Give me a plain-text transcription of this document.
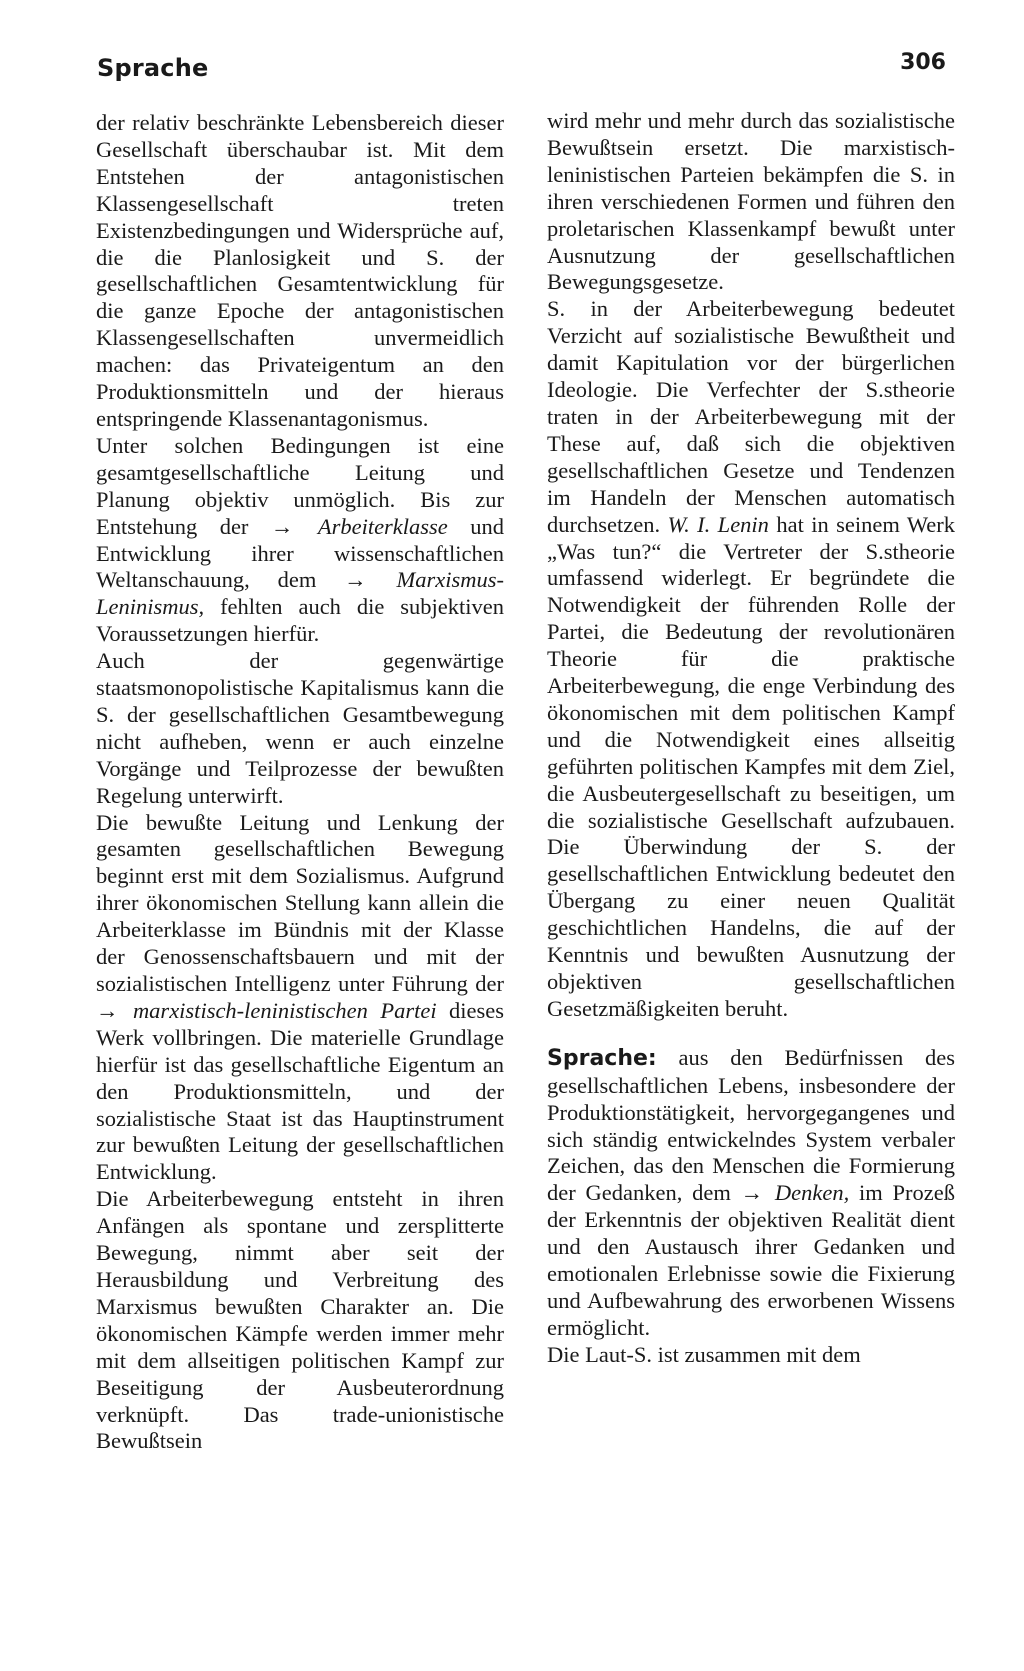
Sprache	306

der relativ beschränkte Lebensbereich dieser Gesellschaft überschaubar ist. Mit dem Entstehen der antagonistischen Klassengesellschaft treten Existenzbedingungen und Widersprüche auf, die die Planlosigkeit und S. der gesellschaftlichen Gesamtentwicklung für die ganze Epoche der antagonistischen Klassengesellschaften unvermeidlich machen: das Privateigentum an den Produktionsmitteln und der hieraus entspringende Klassenantagonismus.

Unter solchen Bedingungen ist eine gesamtgesellschaftliche Leitung und Planung objektiv unmöglich. Bis zur Entstehung der → Arbeiterklasse und Entwicklung ihrer wissenschaftlichen Weltanschauung, dem → Marxismus-Leninismus, fehlten auch die subjektiven Voraussetzungen hierfür.

Auch der gegenwärtige staatsmonopolistische Kapitalismus kann die S. der gesellschaftlichen Gesamtbewegung nicht aufheben, wenn er auch einzelne Vorgänge und Teilprozesse der bewußten Regelung unterwirft.

Die bewußte Leitung und Lenkung der gesamten gesellschaftlichen Bewegung beginnt erst mit dem Sozialismus. Aufgrund ihrer ökonomischen Stellung kann allein die Arbeiterklasse im Bündnis mit der Klasse der Genossenschaftsbauern und mit der sozialistischen Intelligenz unter Führung der → marxistisch-leninistischen Partei dieses Werk vollbringen. Die materielle Grundlage hierfür ist das gesellschaftliche Eigentum an den Produktionsmitteln, und der sozialistische Staat ist das Hauptinstrument zur bewußten Leitung der gesellschaftlichen Entwicklung.

Die Arbeiterbewegung entsteht in ihren Anfängen als spontane und zersplitterte Bewegung, nimmt aber seit der Herausbildung und Verbreitung des Marxismus bewußten Charakter an. Die ökonomischen Kämpfe werden immer mehr mit dem allseitigen politischen Kampf zur Beseitigung der Ausbeuterordnung verknüpft. Das trade-unionistische Bewußtsein

wird mehr und mehr durch das sozialistische Bewußtsein ersetzt. Die marxistisch-leninistischen Parteien bekämpfen die S. in ihren verschiedenen Formen und führen den proletarischen Klassenkampf bewußt unter Ausnutzung der gesellschaftlichen Bewegungsgesetze.

S. in der Arbeiterbewegung bedeutet Verzicht auf sozialistische Bewußtheit und damit Kapitulation vor der bürgerlichen Ideologie. Die Verfechter der S.stheorie traten in der Arbeiterbewegung mit der These auf, daß sich die objektiven gesellschaftlichen Gesetze und Tendenzen im Handeln der Menschen automatisch durchsetzen. W. I. Lenin hat in seinem Werk „Was tun?“ die Vertreter der S.stheorie umfassend widerlegt. Er begründete die Notwendigkeit der führenden Rolle der Partei, die Bedeutung der revolutionären Theorie für die praktische Arbeiterbewegung, die enge Verbindung des ökonomischen mit dem politischen Kampf und die Notwendigkeit eines allseitig geführten politischen Kampfes mit dem Ziel, die Ausbeutergesellschaft zu beseitigen, um die sozialistische Gesellschaft aufzubauen. Die Überwindung der S. der gesellschaftlichen Entwicklung bedeutet den Übergang zu einer neuen Qualität geschichtlichen Handelns, die auf der Kenntnis und bewußten Ausnutzung der objektiven gesellschaftlichen Gesetzmäßigkeiten beruht.

Sprache: aus den Bedürfnissen des gesellschaftlichen Lebens, insbesondere der Produktionstätigkeit, hervorgegangenes und sich ständig entwickelndes System verbaler Zeichen, das den Menschen die Formierung der Gedanken, dem → Denken, im Prozeß der Erkenntnis der objektiven Realität dient und den Austausch ihrer Gedanken und emotionalen Erlebnisse sowie die Fixierung und Aufbewahrung des erworbenen Wissens ermöglicht.

Die Laut-S. ist zusammen mit dem
